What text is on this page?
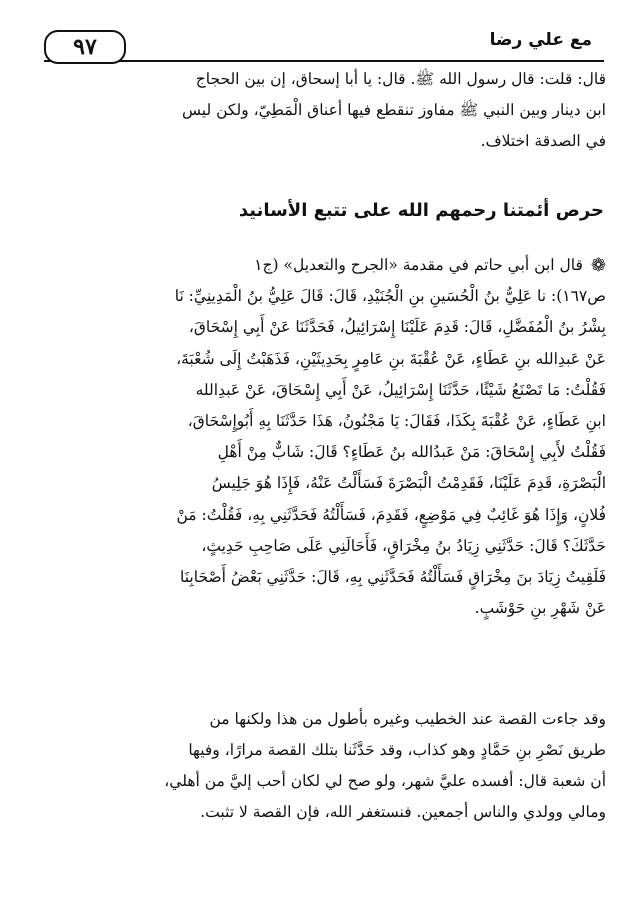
مع علي رضا
٩٧
قال: قلت: قال رسول الله ﷺ. قال: يا أبا إسحاق، إن بين الحجاج
ابن دينار وبين النبي ﷺ مفاوز تنقطع فيها أعناق الْمَطِيّ، ولكن ليس
في الصدقة اختلاف.
حرص أئمتنا رحمهم الله على تتبع الأسانيد
❁قال ابن أبي حاتم في مقدمة «الجرح والتعديل» (ج١
ص١٦٧): نا عَلِيُّ بنُ الْحُسَينِ بنِ الْجُنَيْدِ، قَالَ: قَالَ عَلِيُّ بنُ الْمَدِينِيِّ: نَا
بِشْرُ بنُ الْمُفَضَّلِ، قَالَ: قَدِمَ عَلَيْنَا إِسْرَائِيلُ، فَحَدَّثَنَا عَنْ أَبِي إِسْحَاقَ،
عَنْ عَبدِالله بنِ عَطَاءٍ، عَنْ عُقْبَةَ بنِ عَامِرٍ بِحَدِيثَيْنِ، فَذَهَبْتُ إِلَى شُعْبَةَ،
فَقُلْتُ: مَا تَصْنَعُ شَيْئًا، حَدَّثَنَا إِسْرَائِيلُ، عَنْ أَبِي إِسْحَاقَ، عَنْ عَبدِالله
ابنِ عَطَاءٍ، عَنْ عُقْبَةَ بِكَذَا، فَقَالَ: يَا مَجْنُونُ، هَذَا حَدَّثَنَا بِهِ أَبُوإِسْحَاقَ،
فَقُلْتُ لأَبِي إِسْحَاقَ: مَنْ عَبدُالله بنُ عَطَاءٍ؟ قَالَ: شَابٌّ مِنْ أَهْلِ
الْبَصْرَةِ، قَدِمَ عَلَيْنَا، فَقَدِمْتُ الْبَصْرَةَ فَسَأَلْتُ عَنْهُ، فَإِذَا هُوَ جَلِيسُ
فُلانٍ، وَإِذَا هُوَ غَائِبٌ فِي مَوْضِعٍ، فَقَدِمَ، فَسَأَلْتُهُ فَحَدَّثَنِي بِهِ، فَقُلْتُ: مَنْ
حَدَّثَكَ؟ قَالَ: حَدَّثَنِي زِيَادُ بنُ مِخْرَاقٍ، فَأَحَالَنِي عَلَى صَاحِبِ حَدِيثٍ،
فَلَقِيتُ زِيَادَ بنَ مِخْرَاقٍ فَسَأَلْتُهُ فَحَدَّثَنِي بِهِ، قَالَ: حَدَّثَنِي بَعْضُ أَصْحَابِنَا
عَنْ شَهْرِ بنِ حَوْشَبٍ.
وقد جاءت القصة عند الخطيب وغيره بأطول من هذا ولكنها من
طريق نَصْرِ بنِ حَمَّادٍ وهو كذاب، وقد حَدَّثَنا بتلك القصة مرارًا، وفيها
أن شعبة قال: أفسده عليَّ شهر، ولو صح لي لكان أحب إليَّ من أهلي،
ومالي وولدي والناس أجمعين. فنستغفر الله، فإن القصة لا تثبت.
